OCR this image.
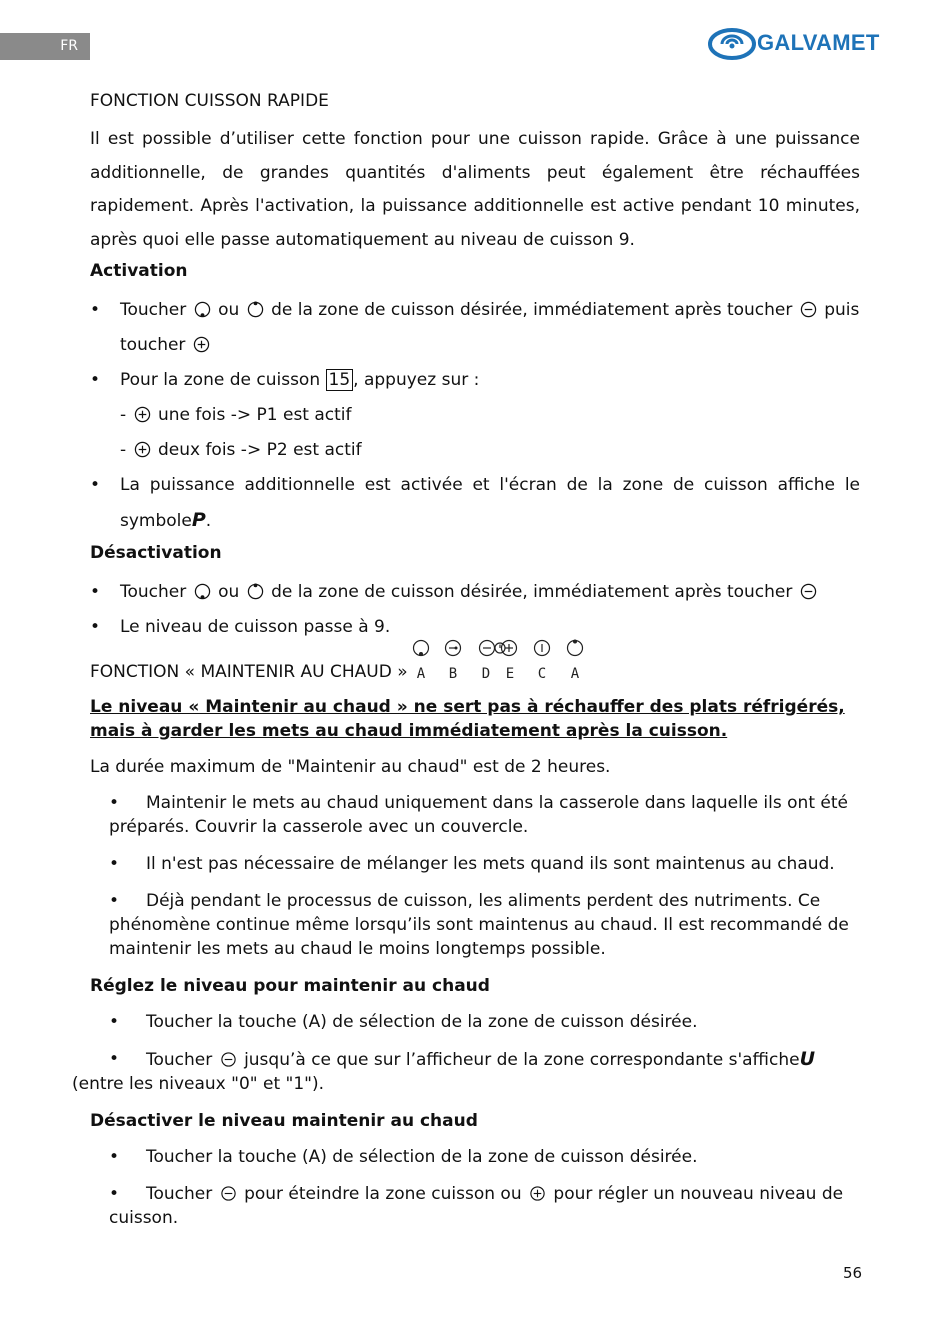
FR	GALVAMET

FONCTION CUISSON RAPIDE

Il est possible d’utiliser cette fonction pour une cuisson rapide. Grâce à une puissance additionnelle, de grandes quantités d'aliments peut également être réchauffées rapidement. Après l'activation, la puissance additionnelle est active pendant 10 minutes, après quoi elle passe automatiquement au niveau de cuisson 9.

Activation

• Toucher ou de la zone de cuisson désirée, immédiatement après toucher puis toucher
• Pour la zone de cuisson 15 , appuyez sur :
- une fois -> P1 est actif
- deux fois -> P2 est actif
• La puissance additionnelle est activée et l'écran de la zone de cuisson affiche le symboleP.

Désactivation

• Toucher ou de la zone de cuisson désirée, immédiatement après toucher
• Le niveau de cuisson passe à 9.
FONCTION « MAINTENIR AU CHAUD » A B D E C A

Le niveau « Maintenir au chaud » ne sert pas à réchauffer des plats réfrigérés, mais à garder les mets au chaud immédiatement après la cuisson.

La durée maximum de "Maintenir au chaud" est de 2 heures.

•	Maintenir le mets au chaud uniquement dans la casserole dans laquelle ils ont été préparés. Couvrir la casserole avec un couvercle.
•	Il n'est pas nécessaire de mélanger les mets quand ils sont maintenus au chaud.
•	Déjà pendant le processus de cuisson, les aliments perdent des nutriments. Ce phénomène continue même lorsqu’ils sont maintenus au chaud. Il est recommandé de maintenir les mets au chaud le moins longtemps possible.

Réglez le niveau pour maintenir au chaud

•	Toucher la touche (A) de sélection de la zone de cuisson désirée.
•	Toucher jusqu’à ce que sur l’afficheur de la zone correspondante s'afficheU
(entre les niveaux "0" et "1").

Désactiver le niveau maintenir au chaud

•	Toucher la touche (A) de sélection de la zone de cuisson désirée.
•	Toucher pour éteindre la zone cuisson ou pour régler un nouveau niveau de cuisson.
56
